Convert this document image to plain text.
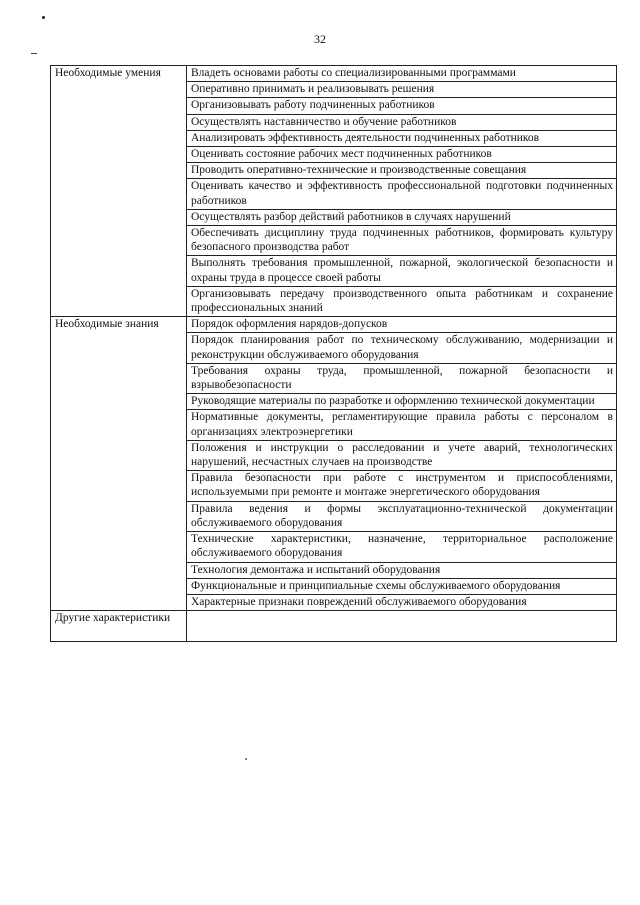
32
Необходимые умения	Владеть основами работы со специализированными программами
	Оперативно принимать и реализовывать решения
	Организовывать работу подчиненных работников
	Осуществлять наставничество и обучение работников
	Анализировать эффективность деятельности подчиненных работников
	Оценивать состояние рабочих мест подчиненных работников
	Проводить оперативно-технические и производственные совещания
	Оценивать качество и эффективность профессиональной подготовки подчиненных работников
	Осуществлять разбор действий работников в случаях нарушений
	Обеспечивать дисциплину труда подчиненных работников, формировать культуру безопасного производства работ
	Выполнять требования промышленной, пожарной, экологической безопасности и охраны труда в процессе своей работы
	Организовывать передачу производственного опыта работникам и сохранение профессиональных знаний
Необходимые знания	Порядок оформления нарядов-допусков
	Порядок планирования работ по техническому обслуживанию, модернизации и реконструкции обслуживаемого оборудования
	Требования охраны труда, промышленной, пожарной безопасности и взрывобезопасности
	Руководящие материалы по разработке и оформлению технической документации
	Нормативные документы, регламентирующие правила работы с персоналом в организациях электроэнергетики
	Положения и инструкции о расследовании и учете аварий, технологических нарушений, несчастных случаев на производстве
	Правила безопасности при работе с инструментом и приспособлениями, используемыми при ремонте и монтаже энергетического оборудования
	Правила ведения и формы эксплуатационно-технической документации обслуживаемого оборудования
	Технические характеристики, назначение, территориальное расположение обслуживаемого оборудования
	Технология демонтажа и испытаний оборудования
	Функциональные и принципиальные схемы обслуживаемого оборудования
	Характерные признаки повреждений обслуживаемого оборудования
Другие характеристики	
